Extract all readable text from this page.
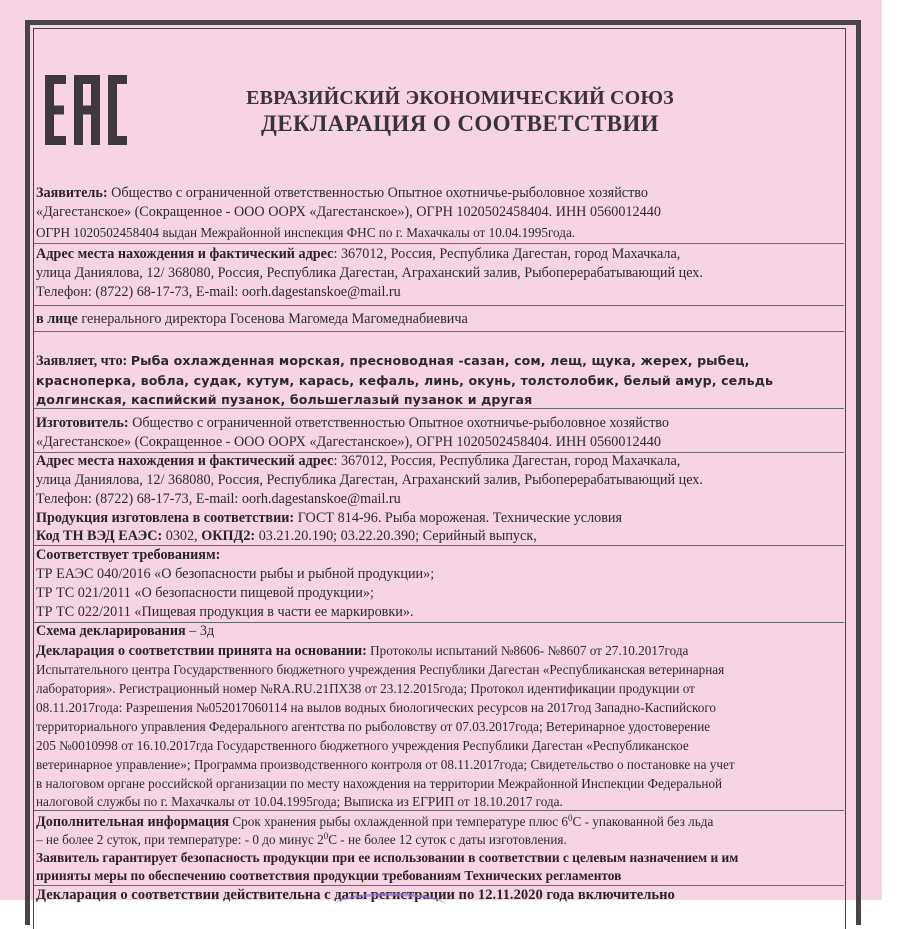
ЕВРАЗИЙСКИЙ ЭКОНОМИЧЕСКИЙ СОЮЗ
ДЕКЛАРАЦИЯ О СООТВЕТСТВИИ
Заявитель: Общество с ограниченной ответственностью Опытное охотничье-рыболовное хозяйство
«Дагестанское» (Сокращенное - ООО ООРХ «Дагестанское»), ОГРН 1020502458404. ИНН 0560012440
ОГРН 1020502458404 выдан Межрайонной инспекция ФНС по г. Махачкалы от 10.04.1995года.
Адрес места нахождения и фактический адрес: 367012, Россия, Республика Дагестан, город Махачкала,
улица Даниялова, 12/ 368080, Россия, Республика Дагестан, Аграханский залив, Рыбоперерабатывающий цех.
Телефон: (8722) 68-17-73, E-mail: oorh.dagestanskoe@mail.ru
в лице генерального директора Госенова Магомеда Магомеднабиевича
Заявляет, что: Рыба охлажденная морская, пресноводная -сазан, сом, лещ, щука, жерех, рыбец,
красноперка, вобла, судак, кутум, карась, кефаль, линь, окунь, толстолобик, белый амур, сельдь
долгинская, каспийский пузанок, большеглазый пузанок и другая
Изготовитель: Общество с ограниченной ответственностью Опытное охотничье-рыболовное хозяйство
«Дагестанское» (Сокращенное - ООО ООРХ «Дагестанское»), ОГРН 1020502458404. ИНН 0560012440
Адрес места нахождения и фактический адрес: 367012, Россия, Республика Дагестан, город Махачкала,
улица Даниялова, 12/ 368080, Россия, Республика Дагестан, Аграханский залив, Рыбоперерабатывающий цех.
Телефон: (8722) 68-17-73, E-mail: oorh.dagestanskoe@mail.ru
Продукция изготовлена в соответствии: ГОСТ 814-96. Рыба мороженая. Технические условия
Код ТН ВЭД ЕАЭС: 0302, ОКПД2: 03.21.20.190; 03.22.20.390; Серийный выпуск,
Соответствует требованиям:
ТР ЕАЭС 040/2016 «О безопасности рыбы и рыбной продукции»;
ТР ТС 021/2011 «О безопасности пищевой продукции»;
ТР ТС 022/2011 «Пищевая продукция в части ее маркировки».
Схема декларирования – 3д
Декларация о соответствии принята на основании: Протоколы испытаний №8606- №8607 от 27.10.2017года
Испытательного центра Государственного бюджетного учреждения Республики Дагестан «Республиканская ветеринарная
лаборатория». Регистрационный номер №RA.RU.21ПХ38 от 23.12.2015года; Протокол идентификации продукции от
08.11.2017года: Разрешения №052017060114 на вылов водных биологических ресурсов на 2017год Западно-Каспийского
территориального управления Федерального агентства по рыболовству от 07.03.2017года; Ветеринарное удостоверение
205 №0010998 от 16.10.2017гда Государственного бюджетного учреждения Республики Дагестан «Республиканское
ветеринарное управление»; Программа производственного контроля от 08.11.2017года; Свидетельство о постановке на учет
в налоговом органе российской организации по месту нахождения на территории Межрайонной Инспекции Федеральной
налоговой службы по г. Махачкалы от 10.04.1995года; Выписка из ЕГРИП от 18.10.2017 года.
Дополнительная информация Срок хранения рыбы охлажденной при температуре плюс $6^0С$ - упакованной без льда
– не более 2 суток, при температуре: - 0 до минус $2^0С$ - не более 12 суток с даты изготовления.
Заявитель гарантирует безопасность продукции при ее использовании в соответствии с целевым назначением и им
приняты меры по обеспечению соответствия продукции требованиям Технических регламентов
Декларация о соответствии действительна с даты регистрации по 12.11.2020 года включительно
